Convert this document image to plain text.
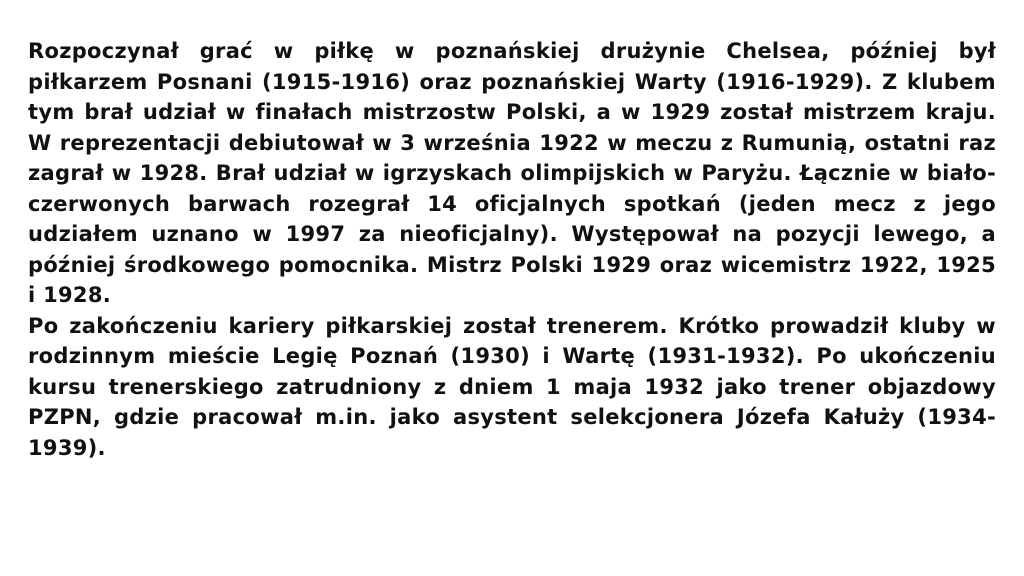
Rozpoczynał grać w piłkę w poznańskiej drużynie Chelsea, później był piłkarzem Posnani (1915-1916) oraz poznańskiej Warty (1916-1929). Z klubem tym brał udział w finałach mistrzostw Polski, a w 1929 został mistrzem kraju. W reprezentacji debiutował w 3 września 1922 w meczu z Rumunią, ostatni raz zagrał w 1928. Brał udział w igrzyskach olimpijskich w Paryżu. Łącznie w biało-czerwonych barwach rozegrał 14 oficjalnych spotkań (jeden mecz z jego udziałem uznano w 1997 za nieoficjalny). Występował na pozycji lewego, a później środkowego pomocnika. Mistrz Polski 1929 oraz wicemistrz 1922, 1925 i 1928.

Po zakończeniu kariery piłkarskiej został trenerem. Krótko prowadził kluby w rodzinnym mieście Legię Poznań (1930) i Wartę (1931-1932). Po ukończeniu kursu trenerskiego zatrudniony z dniem 1 maja 1932 jako trener objazdowy PZPN, gdzie pracował m.in. jako asystent selekcjonera Józefa Kałuży (1934-1939).
